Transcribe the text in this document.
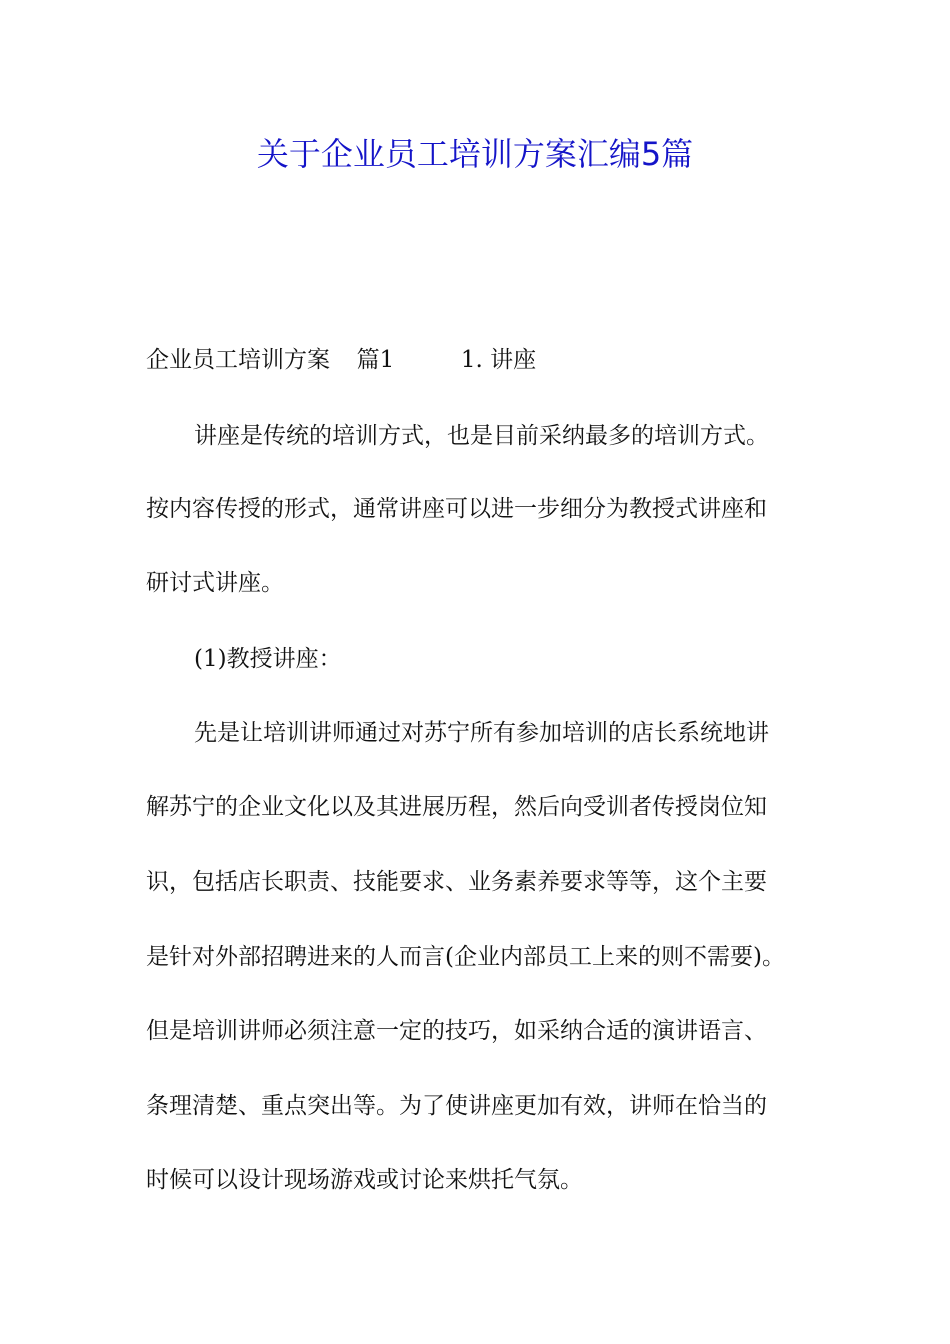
关于企业员工培训方案汇编5篇
企业员工培训方案 篇1	1. 讲座
讲座是传统的培训方式，也是目前采纳最多的培训方式。
按内容传授的形式，通常讲座可以进一步细分为教授式讲座和
研讨式讲座。
(1)教授讲座：
先是让培训讲师通过对苏宁所有参加培训的店长系统地讲
解苏宁的企业文化以及其进展历程，然后向受训者传授岗位知
识，包括店长职责、技能要求、业务素养要求等等，这个主要
是针对外部招聘进来的人而言(企业内部员工上来的则不需要)。
但是培训讲师必须注意一定的技巧，如采纳合适的演讲语言、
条理清楚、重点突出等。为了使讲座更加有效，讲师在恰当的
时候可以设计现场游戏或讨论来烘托气氛。
